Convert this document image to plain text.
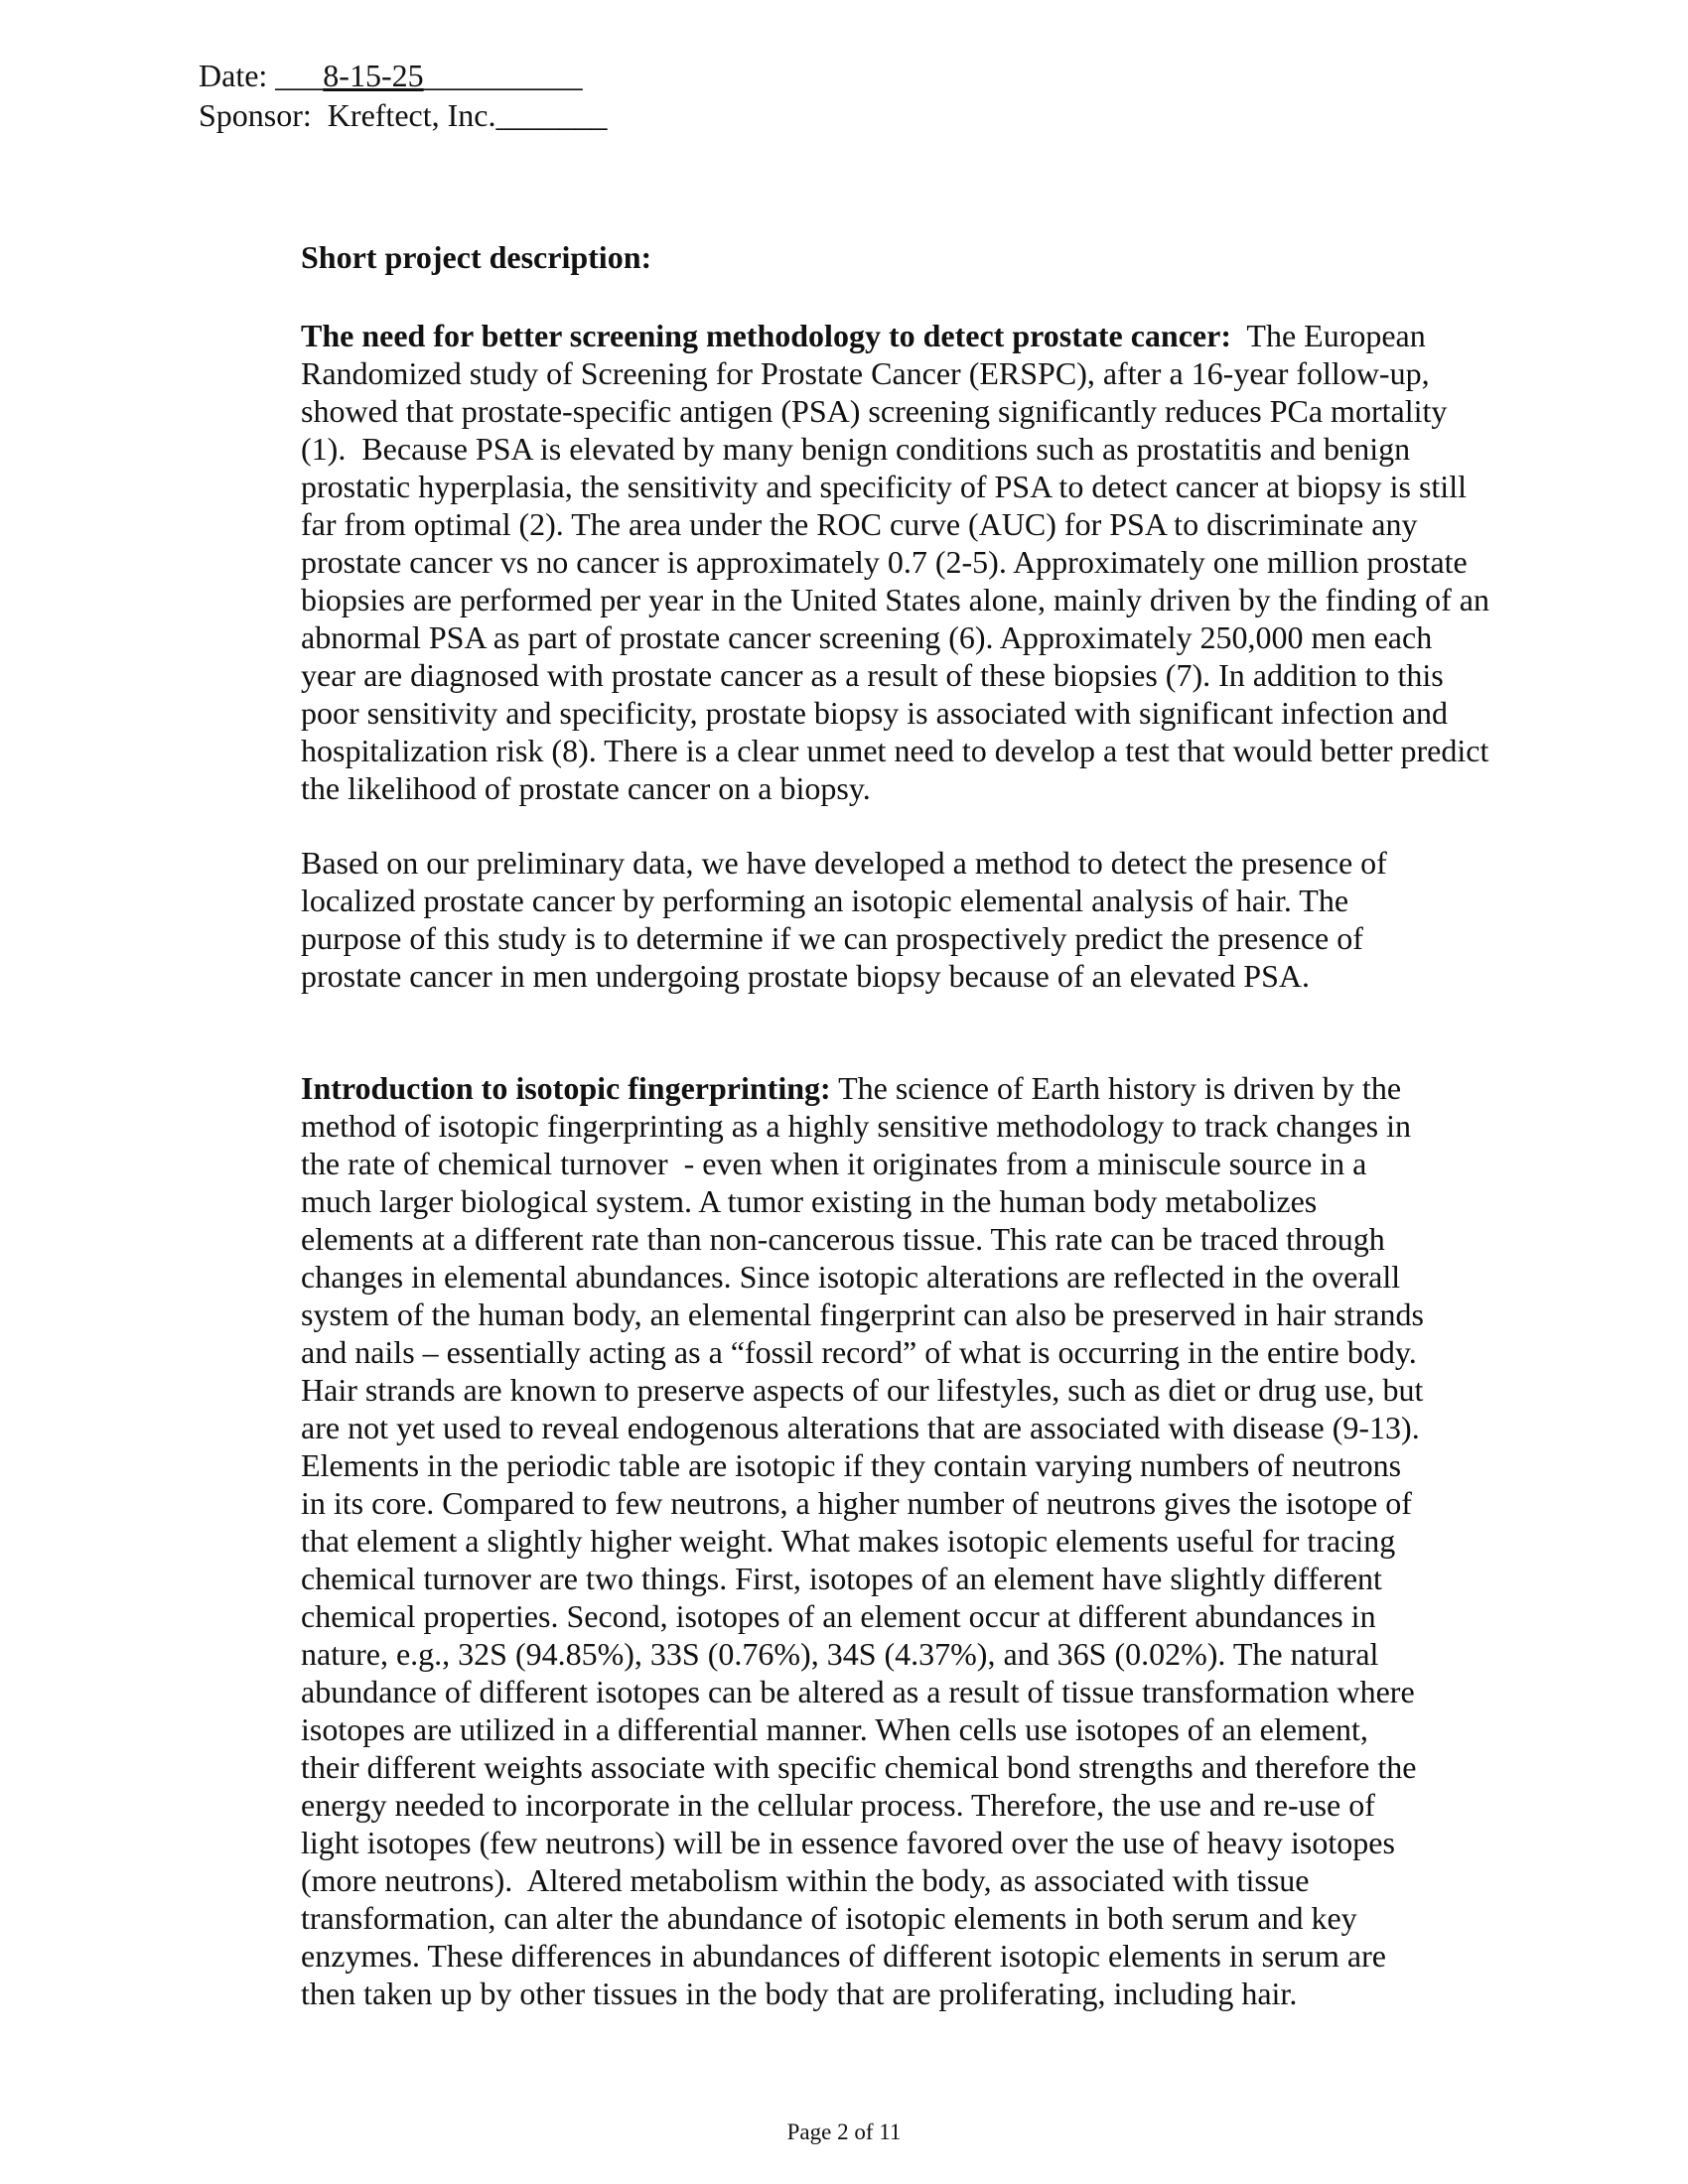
Date: ___8-15-25__________
Sponsor:  Kreftect, Inc._______
Short project description:
The need for better screening methodology to detect prostate cancer:  The European
Randomized study of Screening for Prostate Cancer (ERSPC), after a 16-year follow-up,
showed that prostate-specific antigen (PSA) screening significantly reduces PCa mortality
(1).  Because PSA is elevated by many benign conditions such as prostatitis and benign
prostatic hyperplasia, the sensitivity and specificity of PSA to detect cancer at biopsy is still
far from optimal (2). The area under the ROC curve (AUC) for PSA to discriminate any
prostate cancer vs no cancer is approximately 0.7 (2-5). Approximately one million prostate
biopsies are performed per year in the United States alone, mainly driven by the finding of an
abnormal PSA as part of prostate cancer screening (6). Approximately 250,000 men each
year are diagnosed with prostate cancer as a result of these biopsies (7). In addition to this
poor sensitivity and specificity, prostate biopsy is associated with significant infection and
hospitalization risk (8). There is a clear unmet need to develop a test that would better predict
the likelihood of prostate cancer on a biopsy.
Based on our preliminary data, we have developed a method to detect the presence of
localized prostate cancer by performing an isotopic elemental analysis of hair. The
purpose of this study is to determine if we can prospectively predict the presence of
prostate cancer in men undergoing prostate biopsy because of an elevated PSA.
Introduction to isotopic fingerprinting: The science of Earth history is driven by the
method of isotopic fingerprinting as a highly sensitive methodology to track changes in
the rate of chemical turnover  - even when it originates from a miniscule source in a
much larger biological system. A tumor existing in the human body metabolizes
elements at a different rate than non-cancerous tissue. This rate can be traced through
changes in elemental abundances. Since isotopic alterations are reflected in the overall
system of the human body, an elemental fingerprint can also be preserved in hair strands
and nails – essentially acting as a “fossil record” of what is occurring in the entire body.
Hair strands are known to preserve aspects of our lifestyles, such as diet or drug use, but
are not yet used to reveal endogenous alterations that are associated with disease (9-13).
Elements in the periodic table are isotopic if they contain varying numbers of neutrons
in its core. Compared to few neutrons, a higher number of neutrons gives the isotope of
that element a slightly higher weight. What makes isotopic elements useful for tracing
chemical turnover are two things. First, isotopes of an element have slightly different
chemical properties. Second, isotopes of an element occur at different abundances in
nature, e.g., 32S (94.85%), 33S (0.76%), 34S (4.37%), and 36S (0.02%). The natural
abundance of different isotopes can be altered as a result of tissue transformation where
isotopes are utilized in a differential manner. When cells use isotopes of an element,
their different weights associate with specific chemical bond strengths and therefore the
energy needed to incorporate in the cellular process. Therefore, the use and re-use of
light isotopes (few neutrons) will be in essence favored over the use of heavy isotopes
(more neutrons).  Altered metabolism within the body, as associated with tissue
transformation, can alter the abundance of isotopic elements in both serum and key
enzymes. These differences in abundances of different isotopic elements in serum are
then taken up by other tissues in the body that are proliferating, including hair.
Page 2 of 11
